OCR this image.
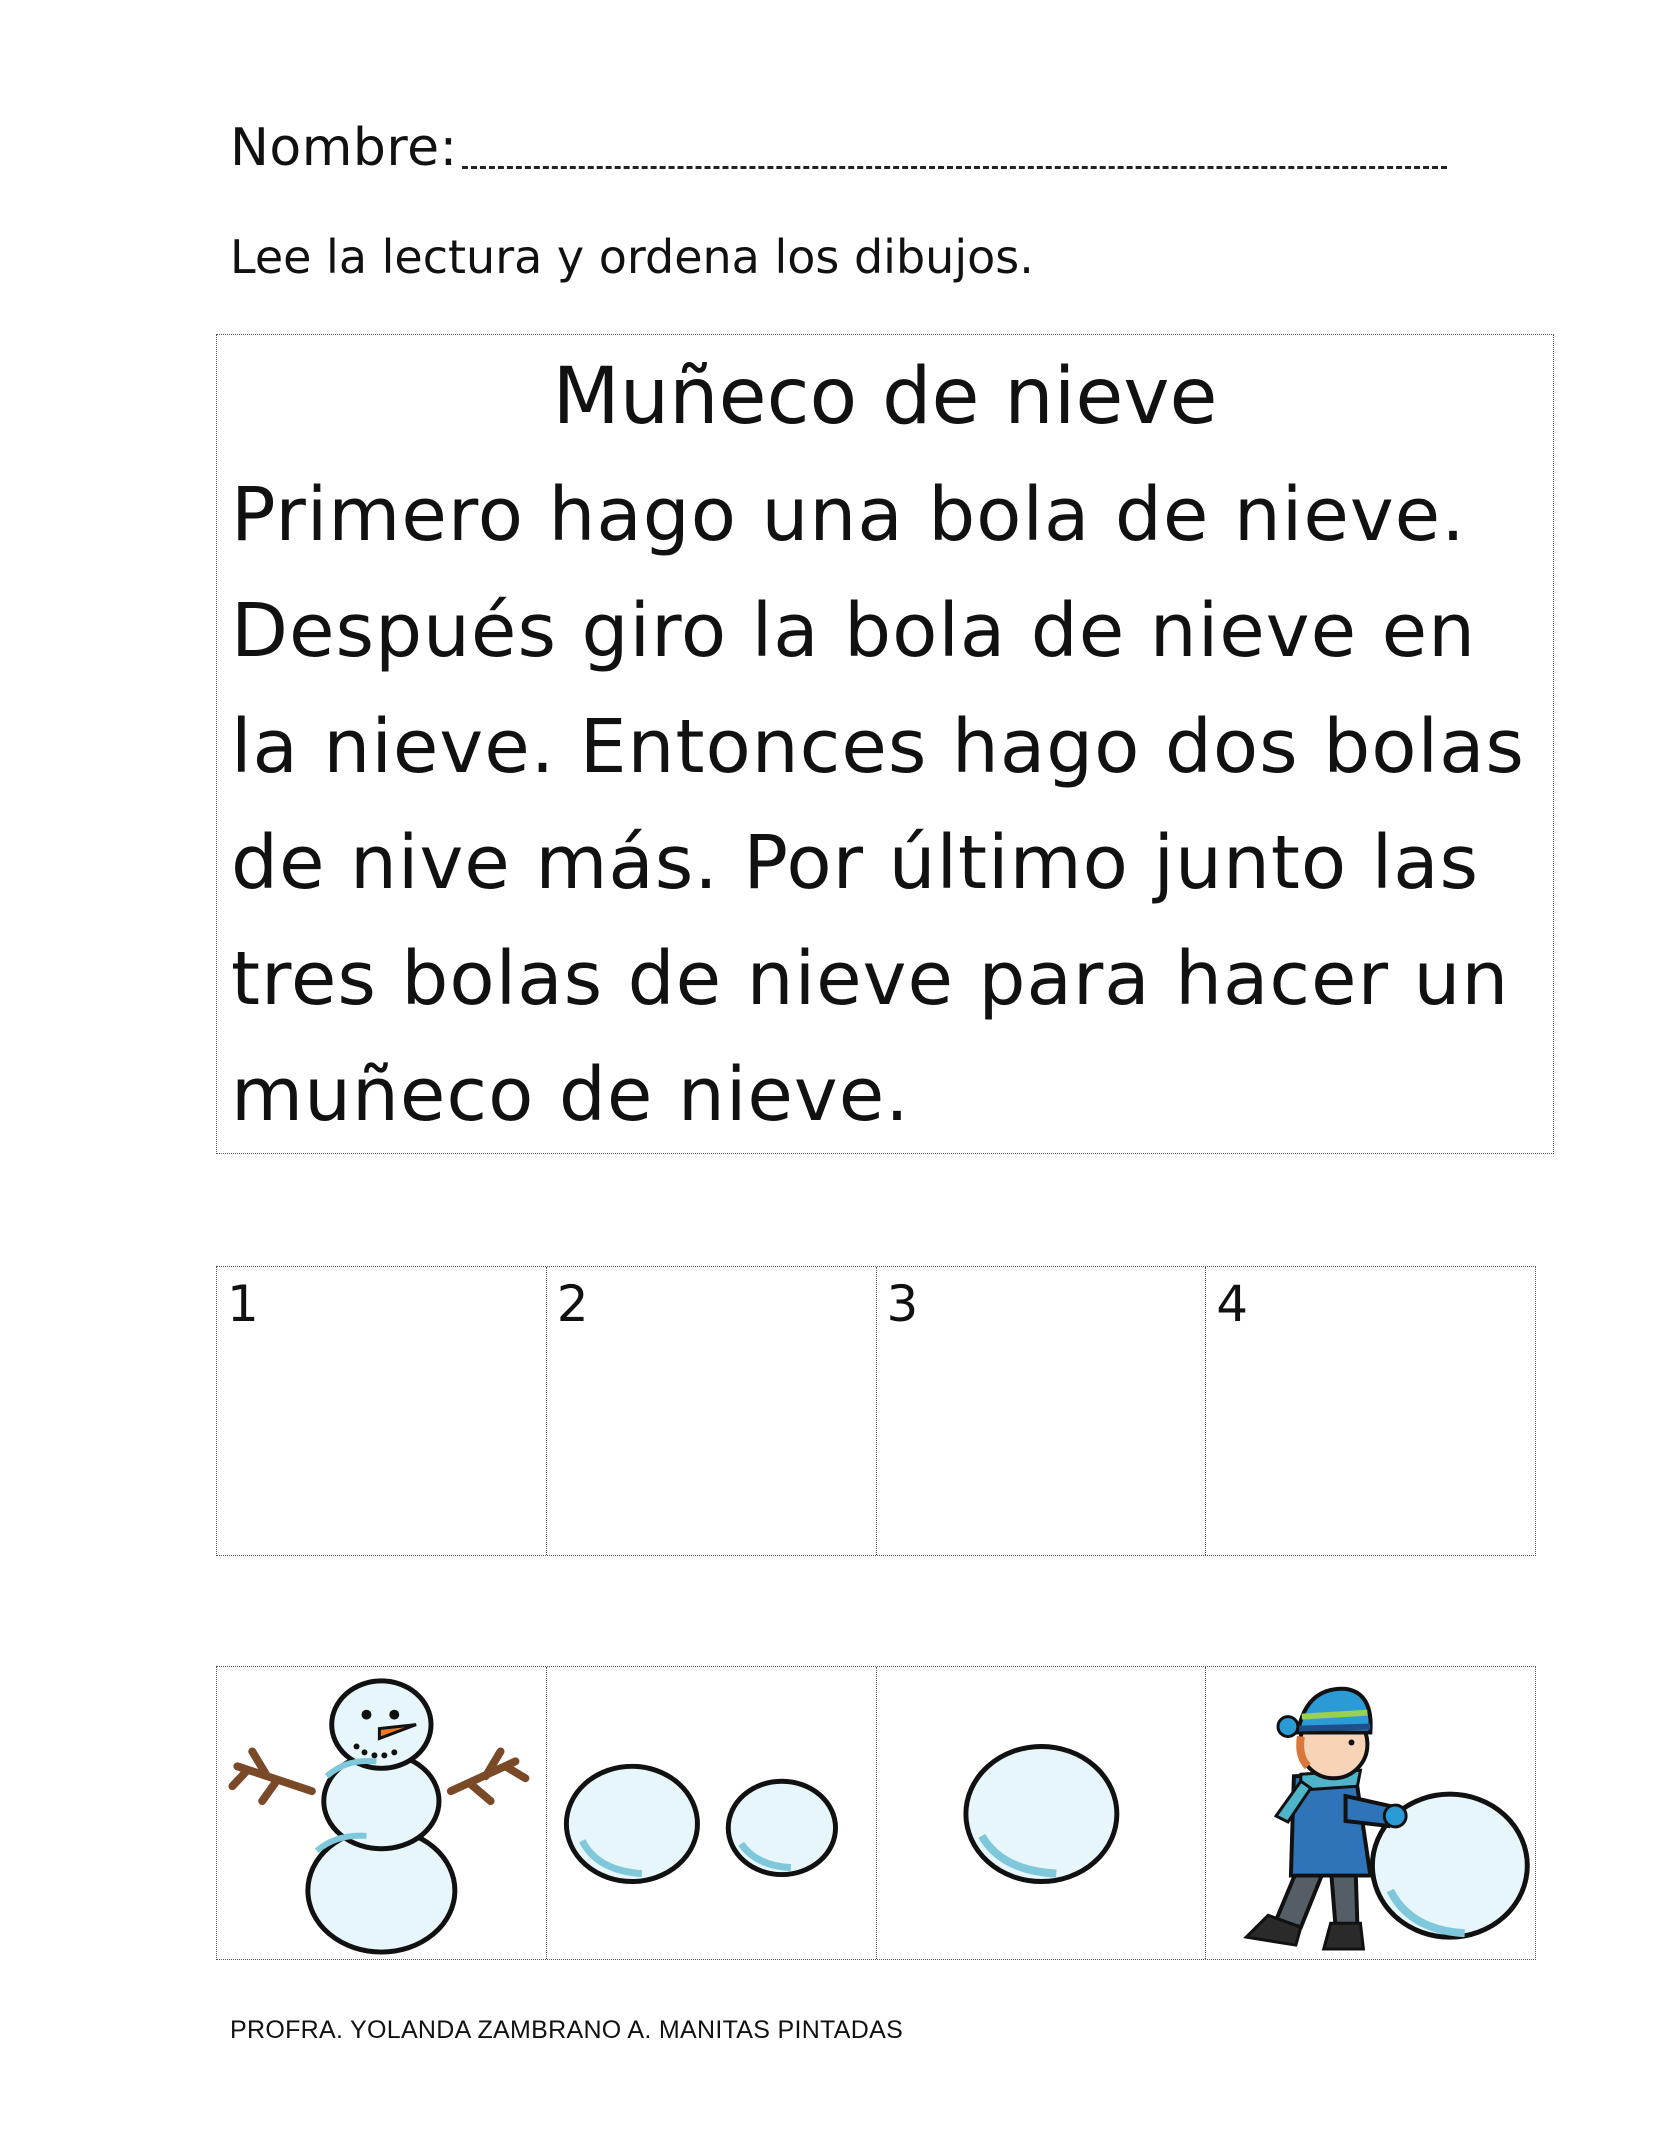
Nombre:
Lee la lectura y ordena los dibujos.
Muñeco de nieve
Primero hago una bola de nieve. Después giro la bola de nieve en la nieve. Entonces hago dos bolas de nive más. Por último junto las tres bolas de nieve para hacer un muñeco de nieve.
1	2	3	4
PROFRA. YOLANDA ZAMBRANO A. MANITAS PINTADAS
